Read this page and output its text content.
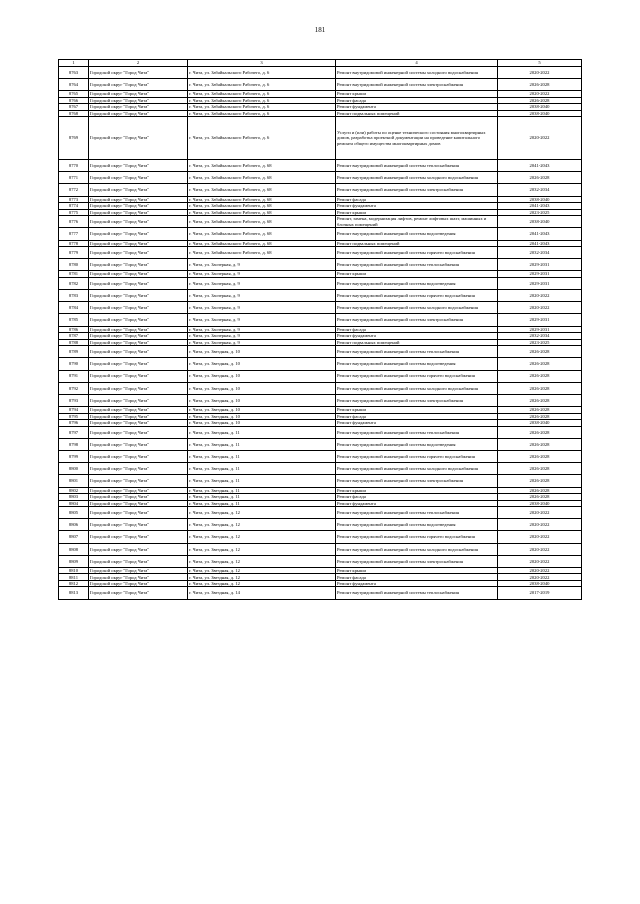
181
1	2	3	4	5
8763	Городской округ "Город Чита"	г. Чита, ул. Забайкальского Рабочего, д. 6	Ремонт внутридомовой инженерной системы холодного водоснабжения	2020-2022
8764	Городской округ "Город Чита"	г. Чита, ул. Забайкальского Рабочего, д. 6	Ремонт внутридомовой инженерной системы электроснабжения	2026-2028
8765	Городской округ "Город Чита"	г. Чита, ул. Забайкальского Рабочего, д. 6	Ремонт крыши	2020-2022
8766	Городской округ "Город Чита"	г. Чита, ул. Забайкальского Рабочего, д. 6	Ремонт фасада	2026-2028
8767	Городской округ "Город Чита"	г. Чита, ул. Забайкальского Рабочего, д. 6	Ремонт фундамента	2038-2040
8768	Городской округ "Город Чита"	г. Чита, ул. Забайкальского Рабочего, д. 6	Ремонт подвальных помещений	2038-2040
8769	Городской округ "Город Чита"	г. Чита, ул. Забайкальского Рабочего, д. 6	Услуги и (или) работы по оценке технического состояния многоквартирных домов, разработка проектной документации на проведение капитального ремонта общего имущества многоквартирных домов	2020-2022
8770	Городской округ "Город Чита"	г. Чита, ул. Забайкальского Рабочего, д. 68	Ремонт внутридомовой инженерной системы теплоснабжения	2041-2043
8771	Городской округ "Город Чита"	г. Чита, ул. Забайкальского Рабочего, д. 68	Ремонт внутридомовой инженерной системы холодного водоснабжения	2026-2028
8772	Городской округ "Город Чита"	г. Чита, ул. Забайкальского Рабочего, д. 68	Ремонт внутридомовой инженерной системы электроснабжения	2032-2034
8773	Городской округ "Город Чита"	г. Чита, ул. Забайкальского Рабочего, д. 68	Ремонт фасада	2038-2040
8774	Городской округ "Город Чита"	г. Чита, ул. Забайкальского Рабочего, д. 68	Ремонт фундамента	2041-2043
8775	Городской округ "Город Чита"	г. Чита, ул. Забайкальского Рабочего, д. 68	Ремонт крыши	2023-2025
8776	Городской округ "Город Чита"	г. Чита, ул. Забайкальского Рабочего, д. 68	Ремонт, замена, модернизация лифтов, ремонт лифтовых шахт, машинных и блочных помещений	2038-2040
8777	Городской округ "Город Чита"	г. Чита, ул. Забайкальского Рабочего, д. 68	Ремонт внутридомовой инженерной системы водоотведения	2041-2043
8778	Городской округ "Город Чита"	г. Чита, ул. Забайкальского Рабочего, д. 68	Ремонт подвальных помещений	2041-2043
8779	Городской округ "Город Чита"	г. Чита, ул. Забайкальского Рабочего, д. 68	Ремонт внутридомовой инженерной системы горячего водоснабжения	2032-2034
8780	Городской округ "Город Чита"	г. Чита, ул. Заозерная, д. 9	Ремонт внутридомовой инженерной системы теплоснабжения	2029-2031
8781	Городской округ "Город Чита"	г. Чита, ул. Заозерная, д. 9	Ремонт крыши	2029-2031
8782	Городской округ "Город Чита"	г. Чита, ул. Заозерная, д. 9	Ремонт внутридомовой инженерной системы водоотведения	2029-2031
8783	Городской округ "Город Чита"	г. Чита, ул. Заозерная, д. 9	Ремонт внутридомовой инженерной системы горячего водоснабжения	2020-2022
8784	Городской округ "Город Чита"	г. Чита, ул. Заозерная, д. 9	Ремонт внутридомовой инженерной системы холодного водоснабжения	2020-2022
8785	Городской округ "Город Чита"	г. Чита, ул. Заозерная, д. 9	Ремонт внутридомовой инженерной системы электроснабжения	2029-2031
8786	Городской округ "Город Чита"	г. Чита, ул. Заозерная, д. 9	Ремонт фасада	2029-2031
8787	Городской округ "Город Чита"	г. Чита, ул. Заозерная, д. 9	Ремонт фундамента	2032-2034
8788	Городской округ "Город Чита"	г. Чита, ул. Заозерная, д. 9	Ремонт подвальных помещений	2023-2025
8789	Городской округ "Город Чита"	г. Чита, ул. Звездная, д. 10	Ремонт внутридомовой инженерной системы теплоснабжения	2026-2028
8790	Городской округ "Город Чита"	г. Чита, ул. Звездная, д. 10	Ремонт внутридомовой инженерной системы водоотведения	2026-2028
8791	Городской округ "Город Чита"	г. Чита, ул. Звездная, д. 10	Ремонт внутридомовой инженерной системы горячего водоснабжения	2026-2028
8792	Городской округ "Город Чита"	г. Чита, ул. Звездная, д. 10	Ремонт внутридомовой инженерной системы холодного водоснабжения	2026-2028
8793	Городской округ "Город Чита"	г. Чита, ул. Звездная, д. 10	Ремонт внутридомовой инженерной системы электроснабжения	2026-2028
8794	Городской округ "Город Чита"	г. Чита, ул. Звездная, д. 10	Ремонт крыши	2026-2028
8795	Городской округ "Город Чита"	г. Чита, ул. Звездная, д. 10	Ремонт фасада	2026-2028
8796	Городской округ "Город Чита"	г. Чита, ул. Звездная, д. 10	Ремонт фундамента	2038-2040
8797	Городской округ "Город Чита"	г. Чита, ул. Звездная, д. 11	Ремонт внутридомовой инженерной системы теплоснабжения	2026-2028
8798	Городской округ "Город Чита"	г. Чита, ул. Звездная, д. 11	Ремонт внутридомовой инженерной системы водоотведения	2026-2028
8799	Городской округ "Город Чита"	г. Чита, ул. Звездная, д. 11	Ремонт внутридомовой инженерной системы горячего водоснабжения	2026-2028
8800	Городской округ "Город Чита"	г. Чита, ул. Звездная, д. 11	Ремонт внутридомовой инженерной системы холодного водоснабжения	2026-2028
8801	Городской округ "Город Чита"	г. Чита, ул. Звездная, д. 11	Ремонт внутридомовой инженерной системы электроснабжения	2026-2028
8802	Городской округ "Город Чита"	г. Чита, ул. Звездная, д. 11	Ремонт крыши	2026-2028
8803	Городской округ "Город Чита"	г. Чита, ул. Звездная, д. 11	Ремонт фасада	2026-2028
8804	Городской округ "Город Чита"	г. Чита, ул. Звездная, д. 11	Ремонт фундамента	2038-2040
8805	Городской округ "Город Чита"	г. Чита, ул. Звездная, д. 12	Ремонт внутридомовой инженерной системы теплоснабжения	2020-2022
8806	Городской округ "Город Чита"	г. Чита, ул. Звездная, д. 12	Ремонт внутридомовой инженерной системы водоотведения	2020-2022
8807	Городской округ "Город Чита"	г. Чита, ул. Звездная, д. 12	Ремонт внутридомовой инженерной системы горячего водоснабжения	2020-2022
8808	Городской округ "Город Чита"	г. Чита, ул. Звездная, д. 12	Ремонт внутридомовой инженерной системы холодного водоснабжения	2020-2022
8809	Городской округ "Город Чита"	г. Чита, ул. Звездная, д. 12	Ремонт внутридомовой инженерной системы электроснабжения	2020-2022
8810	Городской округ "Город Чита"	г. Чита, ул. Звездная, д. 12	Ремонт крыши	2020-2022
8811	Городской округ "Город Чита"	г. Чита, ул. Звездная, д. 12	Ремонт фасада	2020-2022
8812	Городской округ "Город Чита"	г. Чита, ул. Звездная, д. 12	Ремонт фундамента	2038-2040
8813	Городской округ "Город Чита"	г. Чита, ул. Звездная, д. 14	Ремонт внутридомовой инженерной системы теплоснабжения	2017-2019
